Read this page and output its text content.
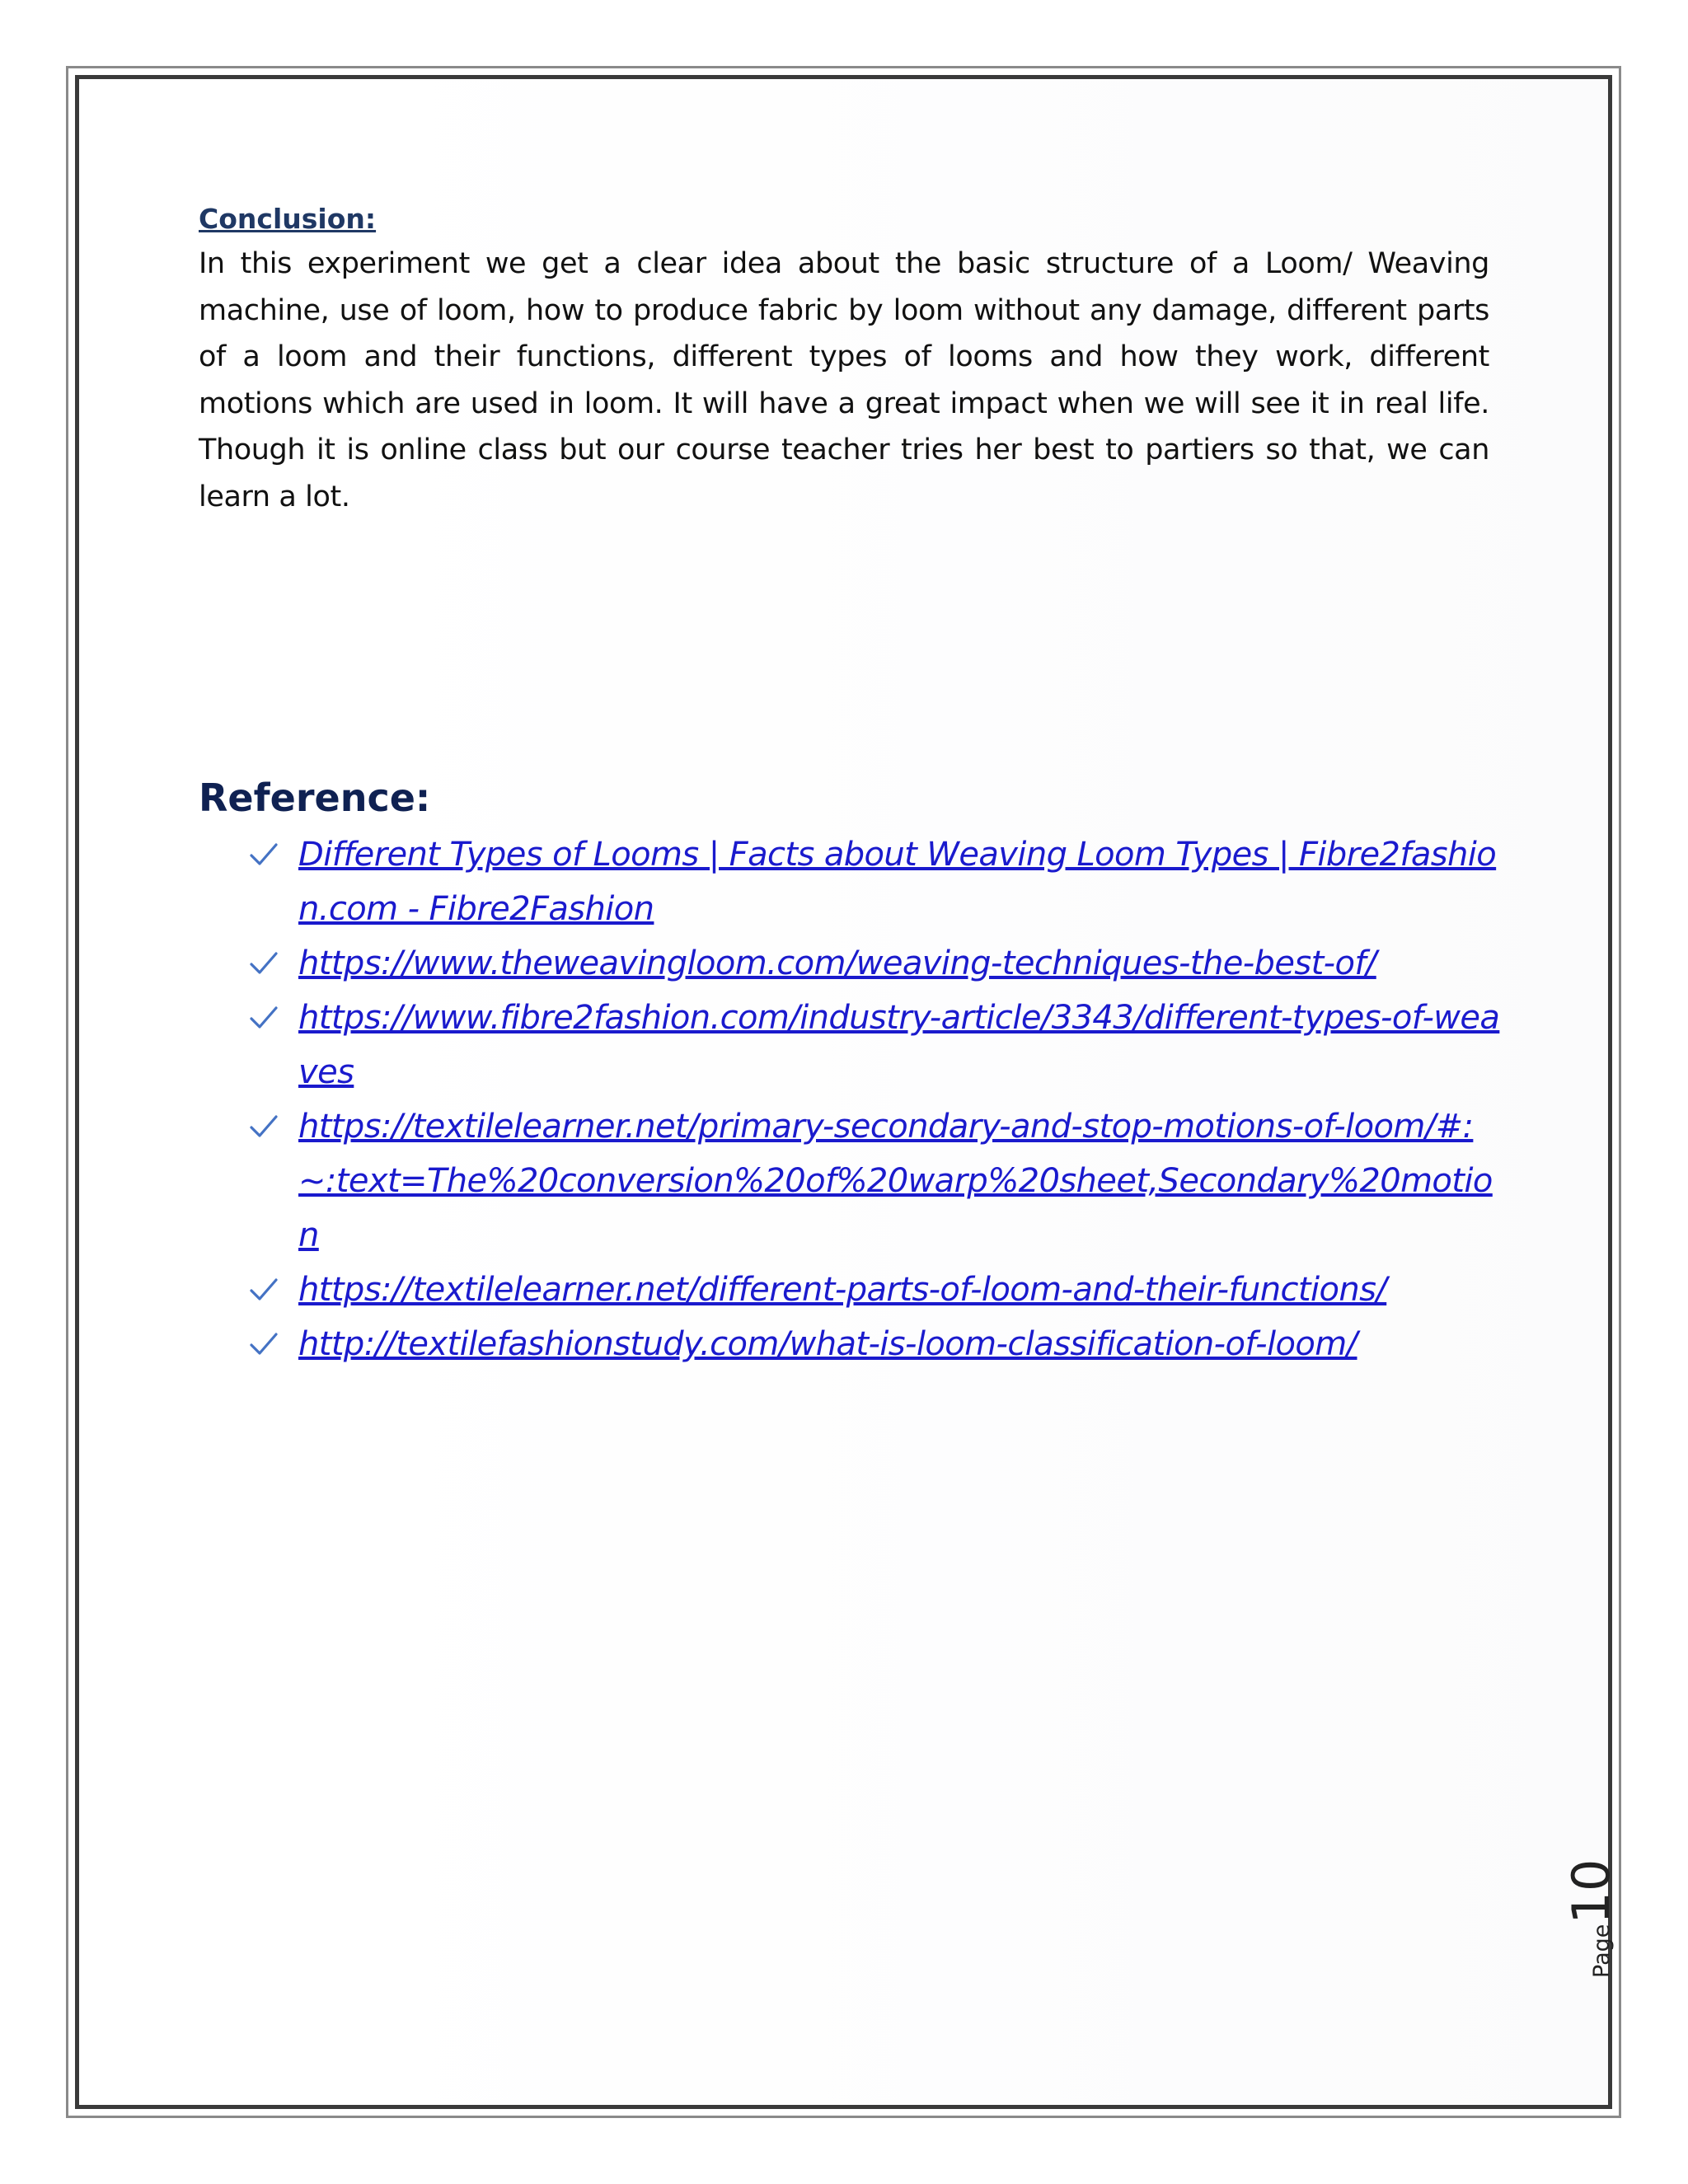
Conclusion:

In this experiment we get a clear idea about the basic structure of a Loom/ Weaving machine, use of loom, how to produce fabric by loom without any damage, different parts of a loom and their functions, different types of looms and how they work, different motions which are used in loom. It will have a great impact when we will see it in real life. Though it is online class but our course teacher tries her best to partiers so that, we can learn a lot.

Reference:
Different Types of Looms | Facts about Weaving Loom Types | Fibre2fashion.com - Fibre2Fashion
https://www.theweavingloom.com/weaving-techniques-the-best-of/
https://www.fibre2fashion.com/industry-article/3343/different-types-of-weaves
https://textilelearner.net/primary-secondary-and-stop-motions-of-loom/#:~:text=The%20conversion%20of%20warp%20sheet,Secondary%20motion
https://textilelearner.net/different-parts-of-loom-and-their-functions/
http://textilefashionstudy.com/what-is-loom-classification-of-loom/
Page10
